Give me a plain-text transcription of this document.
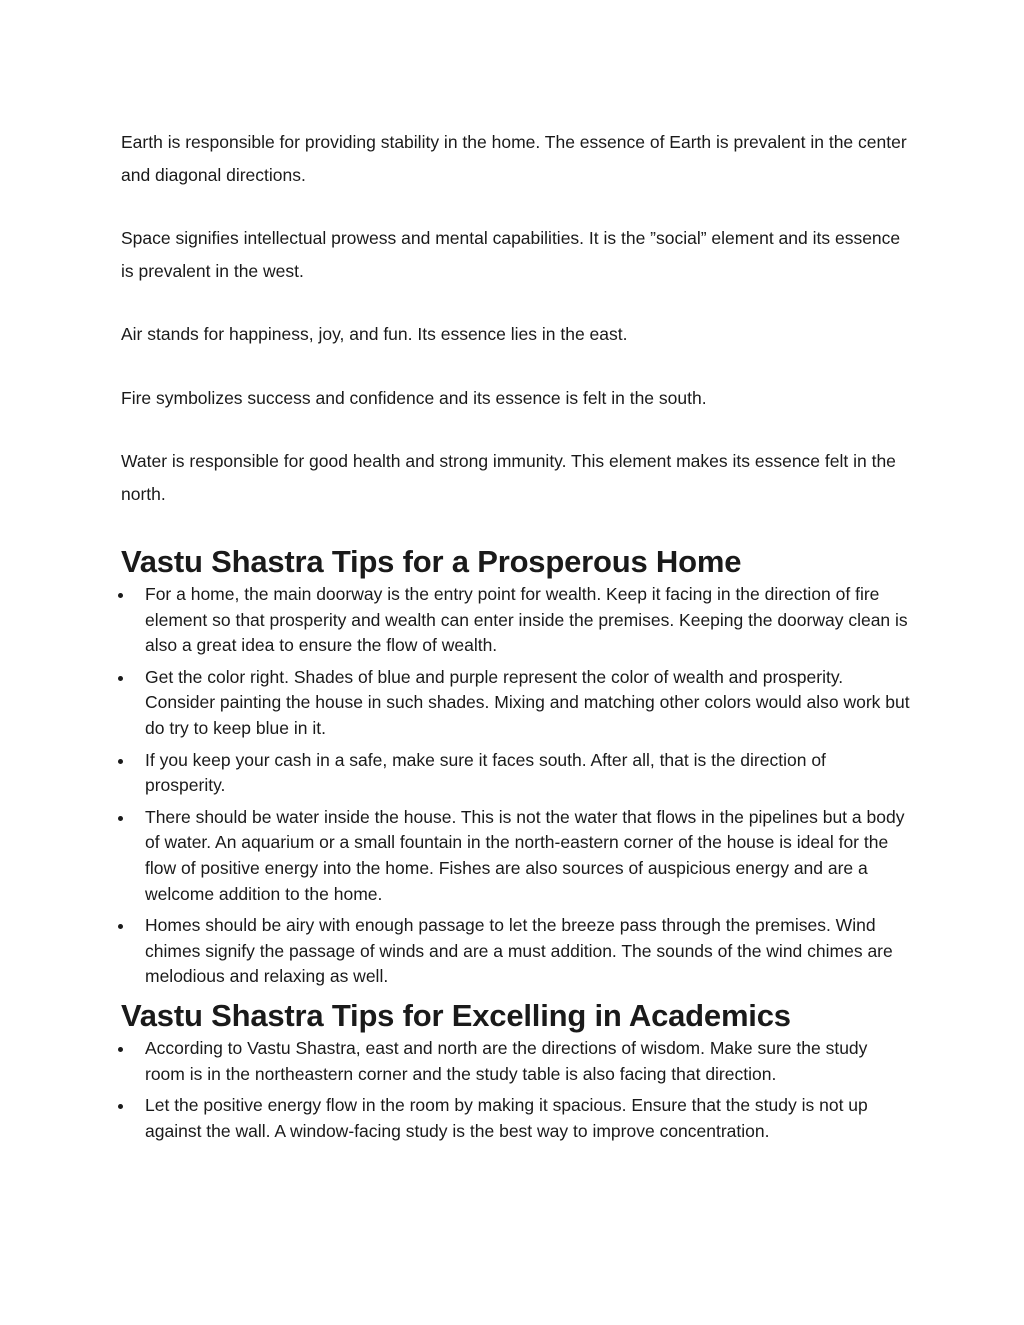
Earth is responsible for providing stability in the home. The essence of Earth is prevalent in the center and diagonal directions.

Space signifies intellectual prowess and mental capabilities. It is the ”social” element and its essence is prevalent in the west.

Air stands for happiness, joy, and fun. Its essence lies in the east.

Fire symbolizes success and confidence and its essence is felt in the south.

Water is responsible for good health and strong immunity. This element makes its essence felt in the north.

Vastu Shastra Tips for a Prosperous Home
For a home, the main doorway is the entry point for wealth. Keep it facing in the direction of fire element so that prosperity and wealth can enter inside the premises. Keeping the doorway clean is also a great idea to ensure the flow of wealth.
Get the color right. Shades of blue and purple represent the color of wealth and prosperity. Consider painting the house in such shades. Mixing and matching other colors would also work but do try to keep blue in it.
If you keep your cash in a safe, make sure it faces south. After all, that is the direction of prosperity.
There should be water inside the house. This is not the water that flows in the pipelines but a body of water. An aquarium or a small fountain in the north-eastern corner of the house is ideal for the flow of positive energy into the home. Fishes are also sources of auspicious energy and are a welcome addition to the home.
Homes should be airy with enough passage to let the breeze pass through the premises. Wind chimes signify the passage of winds and are a must addition. The sounds of the wind chimes are melodious and relaxing as well.
Vastu Shastra Tips for Excelling in Academics
According to Vastu Shastra, east and north are the directions of wisdom. Make sure the study room is in the northeastern corner and the study table is also facing that direction.
Let the positive energy flow in the room by making it spacious. Ensure that the study is not up against the wall. A window-facing study is the best way to improve concentration.
